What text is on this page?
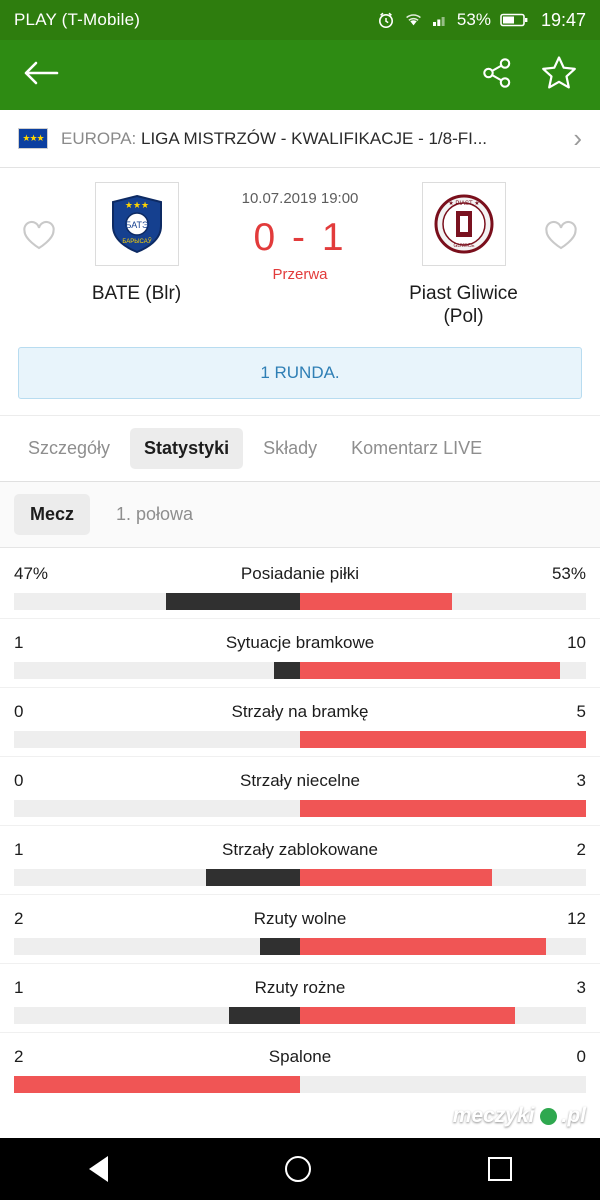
PLAY (T-Mobile)	53%	19:47
★★★ EUROPA: LIGA MISTRZÓW - KWALIFIKACJE - 1/8-FI...	›
★★★
БАТЭ
БАРЫСАЎ
BATE (Blr)
10.07.2019 19:00
0 - 1
Przerwa
★ PIAST ★
GLIWICE
Piast Gliwice (Pol)
1 RUNDA.
Szczegóły	Statystyki	Składy	Komentarz LIVE
Mecz	1. połowa
47%	Posiadanie piłki	53%
1	Sytuacje bramkowe	10
0	Strzały na bramkę	5
0	Strzały niecelne	3
1	Strzały zablokowane	2
2	Rzuty wolne	12
1	Rzuty rożne	3
2	Spalone	0
meczyki .pl
